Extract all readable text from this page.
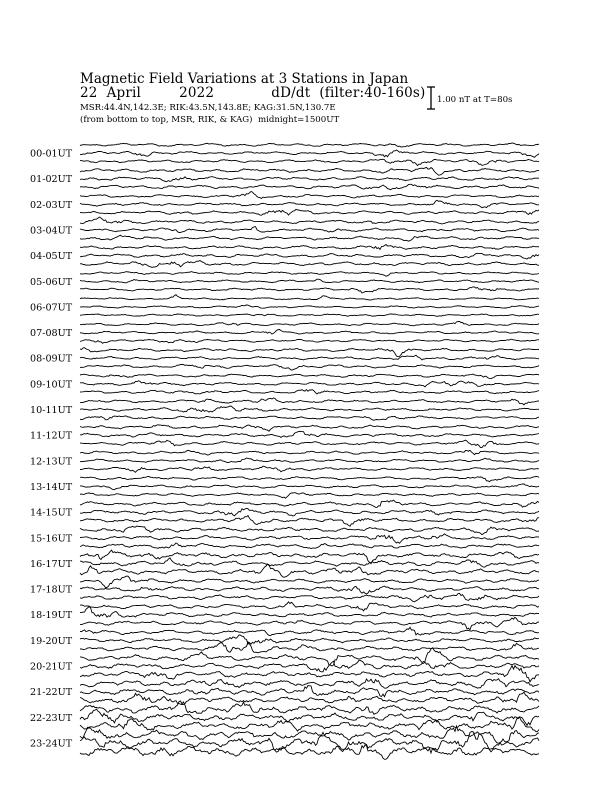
Magnetic Field Variations at 3 Stations in Japan
22 April	2022	dD/dt (filter:40-160s)
MSR:44.4N,142.3E; RIK:43.5N,143.8E; KAG:31.5N,130.7E
(from bottom to top, MSR, RIK, & KAG) midnight=1500UT
1.00 nT at T=80s
00-01UT
01-02UT
02-03UT
03-04UT
04-05UT
05-06UT
06-07UT
07-08UT
08-09UT
09-10UT
10-11UT
11-12UT
12-13UT
13-14UT
14-15UT
15-16UT
16-17UT
17-18UT
18-19UT
19-20UT
20-21UT
21-22UT
22-23UT
23-24UT
